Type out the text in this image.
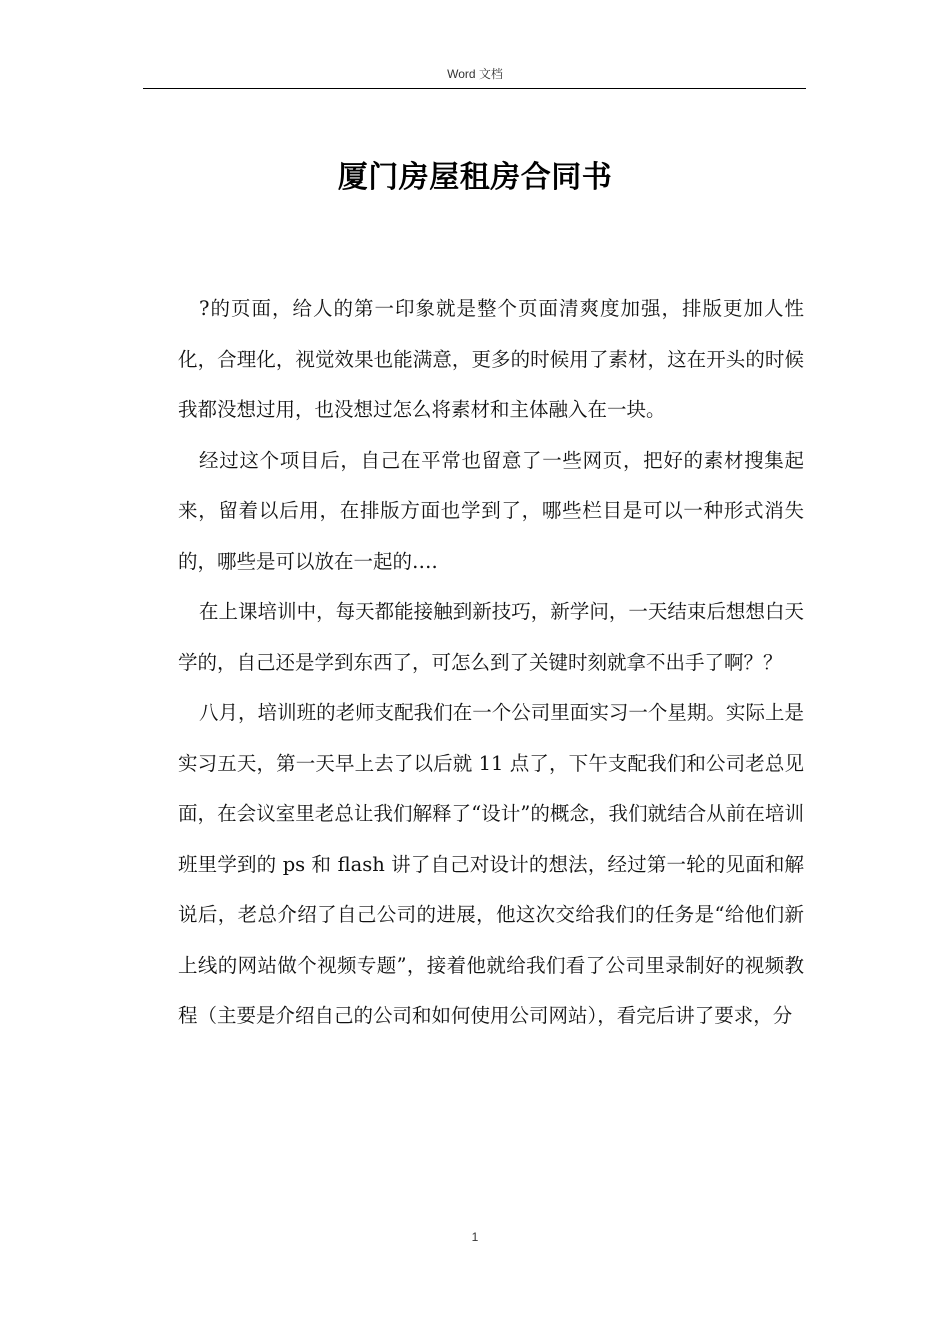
Word 文档
厦门房屋租房合同书

?的页面，给人的第一印象就是整个页面清爽度加强，排版更加人性化，合理化，视觉效果也能满意，更多的时候用了素材，这在开头的时候我都没想过用，也没想过怎么将素材和主体融入在一块。

经过这个项目后，自己在平常也留意了一些网页，把好的素材搜集起来，留着以后用，在排版方面也学到了，哪些栏目是可以一种形式消失的，哪些是可以放在一起的….

在上课培训中，每天都能接触到新技巧，新学问，一天结束后想想白天学的，自己还是学到东西了，可怎么到了关键时刻就拿不出手了啊？？

八月，培训班的老师支配我们在一个公司里面实习一个星期。实际上是实习五天，第一天早上去了以后就 11 点了，下午支配我们和公司老总见面，在会议室里老总让我们解释了“设计”的概念，我们就结合从前在培训班里学到的 ps 和 flash 讲了自己对设计的想法，经过第一轮的见面和解说后，老总介绍了自己公司的进展，他这次交给我们的任务是“给他们新上线的网站做个视频专题”，接着他就给我们看了公司里录制好的视频教程（主要是介绍自己的公司和如何使用公司网站），看完后讲了要求，分

1
